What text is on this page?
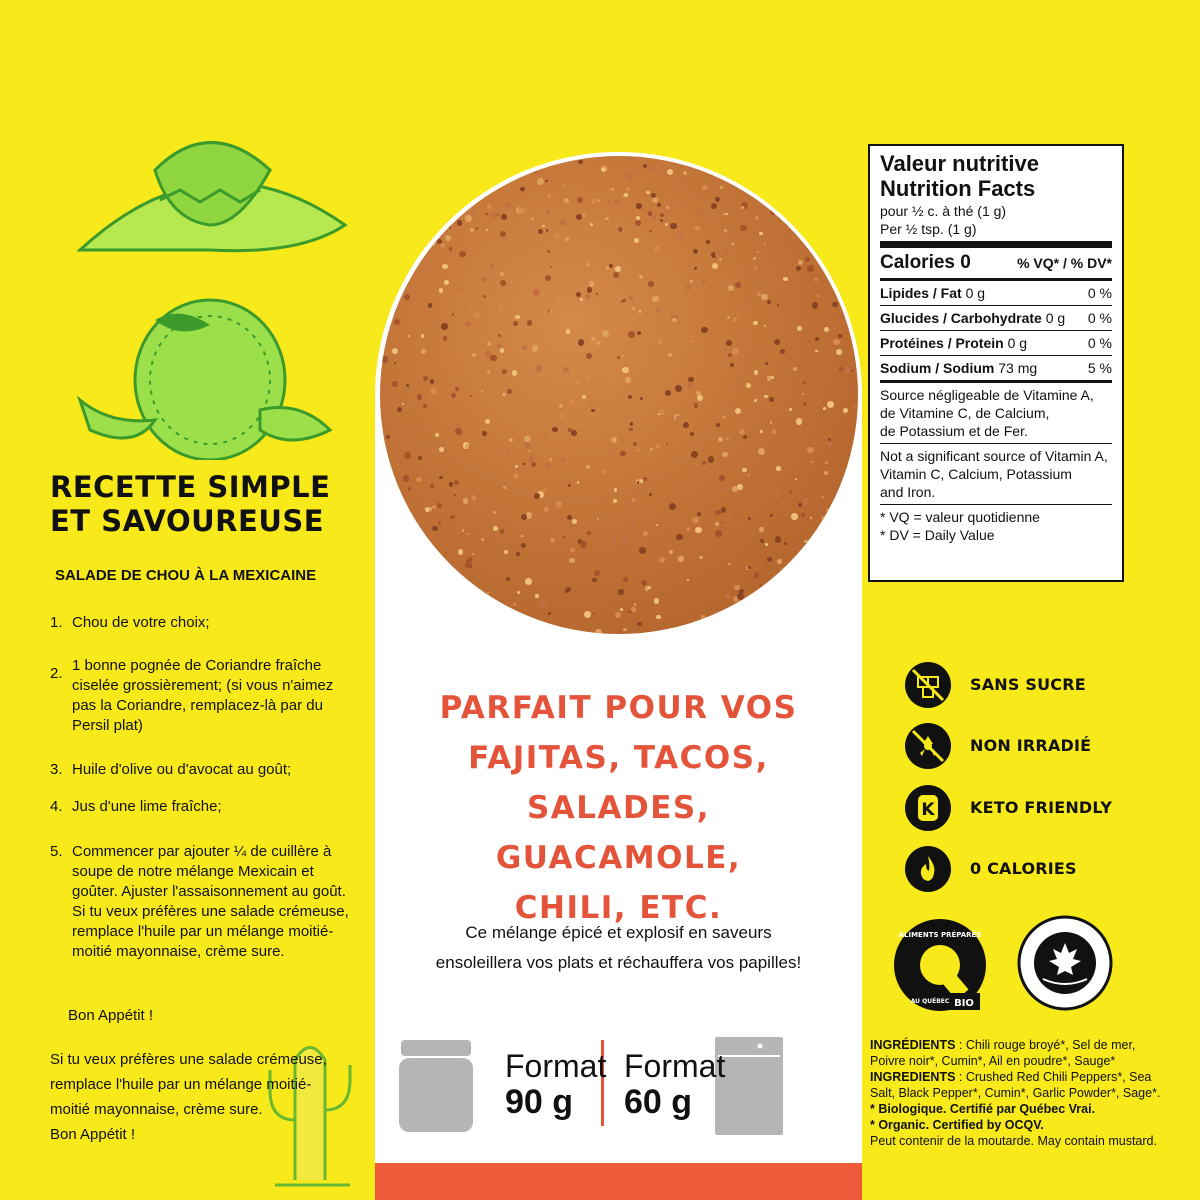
RECETTE SIMPLE
ET SAVOUREUSE
SALADE DE CHOU À LA MEXICAINE
1. Chou de votre choix;
2. 1 bonne pognée de Coriandre fraîche ciselée grossièrement; (si vous n'aimez pas la Coriandre, remplacez-là par du Persil plat)
3. Huile d'olive ou d'avocat au goût;
4. Jus d'une lime fraîche;
5. Commencer par ajouter ¼ de cuillère à soupe de notre mélange Mexicain et goûter. Ajuster l'assaisonnement au goût. Si tu veux préfères une salade crémeuse, remplace l'huile par un mélange moitié-moitié mayonnaise, crème sure.
Bon Appétit !
Si tu veux préfères une salade crémeuse,
remplace l'huile par un mélange moitié-
moitié mayonnaise, crème sure.
Bon Appétit !
PARFAIT POUR VOS
FAJITAS, TACOS,
SALADES, GUACAMOLE,
CHILI, ETC.
Ce mélange épicé et explosif en saveurs
ensoleillera vos plats et réchauffera vos papilles!
Format
90 g
Format
60 g
Valeur nutritive
Nutrition Facts
pour ½ c. à thé (1 g)
Per ½ tsp. (1 g)
Calories 0	% VQ* / % DV*
Lipides / Fat 0 g	0 %
Glucides / Carbohydrate 0 g 0 %
Protéines / Protein 0 g	0 %
Sodium / Sodium 73 mg	5 %
Source négligeable de Vitamine A,
de Vitamine C, de Calcium,
de Potassium et de Fer.
Not a significant source of Vitamin A,
Vitamin C, Calcium, Potassium
and Iron.
* VQ = valeur quotidienne
* DV = Daily Value
SANS SUCRE
NON IRRADIÉ
K KETO FRIENDLY
0 CALORIES
BIO
ALIMENTS PRÉPARÉS
AU QUÉBEC
INGRÉDIENTS : Chili rouge broyé*, Sel de mer, Poivre noir*, Cumin*, Ail en poudre*, Sauge*
INGREDIENTS : Crushed Red Chili Peppers*, Sea Salt, Black Pepper*, Cumin*, Garlic Powder*, Sage*.
* Biologique. Certifié par Québec Vrai.
* Organic. Certified by OCQV.
Peut contenir de la moutarde. May contain mustard.
